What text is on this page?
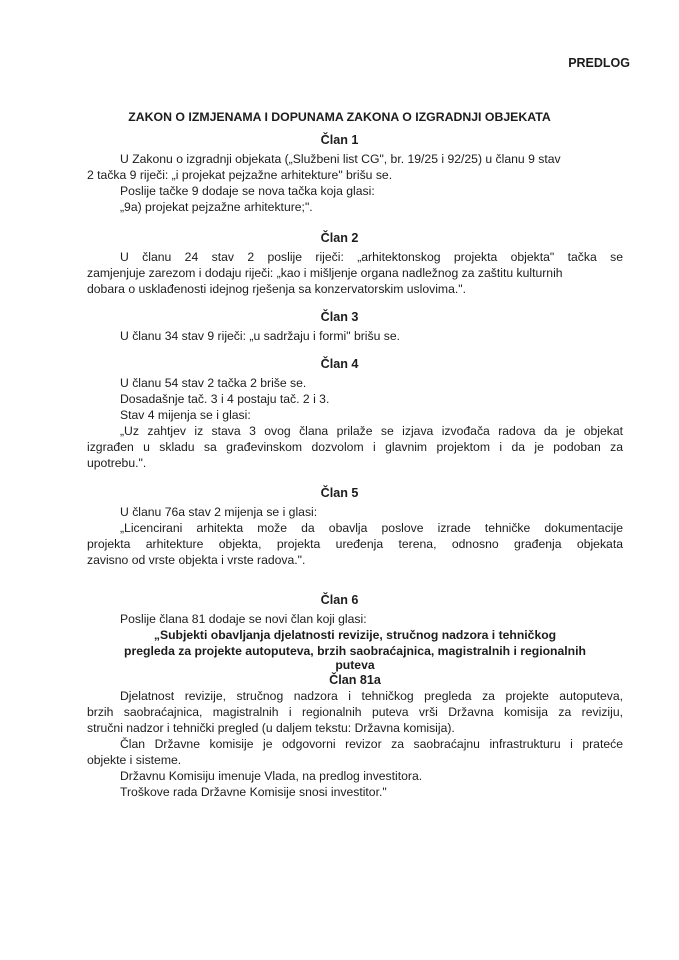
PREDLOG

ZAKON O IZMJENAMA I DOPUNAMA ZAKONA O IZGRADNJI OBJEKATA

Član 1

U Zakonu o izgradnji objekata („Službeni list CG", br. 19/25 i 92/25) u članu 9 stav
2 tačka 9 riječi: „i projekat pejzažne arhitekture" brišu se.
Poslije tačke 9 dodaje se nova tačka koja glasi:
„9a) projekat pejzažne arhitekture;".

Član 2

U članu 24 stav 2 poslije riječi: „arhitektonskog projekta objekta" tačka se
zamjenjuje zarezom i dodaju riječi: „kao i mišljenje organa nadležnog za zaštitu kulturnih
dobara o usklađenosti idejnog rješenja sa konzervatorskim uslovima.".

Član 3

U članu 34 stav 9 riječi: „u sadržaju i formi" brišu se.

Član 4

U članu 54 stav 2 tačka 2 briše se.
Dosadašnje tač. 3 i 4 postaju tač. 2 i 3.
Stav 4 mijenja se i glasi:
„Uz zahtjev iz stava 3 ovog člana prilaže se izjava izvođača radova da je objekat
izgrađen u skladu sa građevinskom dozvolom i glavnim projektom i da je podoban za
upotrebu.".

Član 5

U članu 76a stav 2 mijenja se i glasi:
„Licencirani arhitekta može da obavlja poslove izrade tehničke dokumentacije
projekta arhitekture objekta, projekta uređenja terena, odnosno građenja objekata
zavisno od vrste objekta i vrste radova.".

Član 6

Poslije člana 81 dodaje se novi član koji glasi:
„Subjekti obavljanja djelatnosti revizije, stručnog nadzora i tehničkog
pregleda za projekte autoputeva, brzih saobraćajnica, magistralnih i regionalnih
puteva
Član 81a
Djelatnost revizije, stručnog nadzora i tehničkog pregleda za projekte autoputeva,
brzih saobraćajnica, magistralnih i regionalnih puteva vrši Državna komisija za reviziju,
stručni nadzor i tehnički pregled (u daljem tekstu: Državna komisija).
Član Državne komisije je odgovorni revizor za saobraćajnu infrastrukturu i prateće
objekte i sisteme.
Državnu Komisiju imenuje Vlada, na predlog investitora.
Troškove rada Državne Komisije snosi investitor."
